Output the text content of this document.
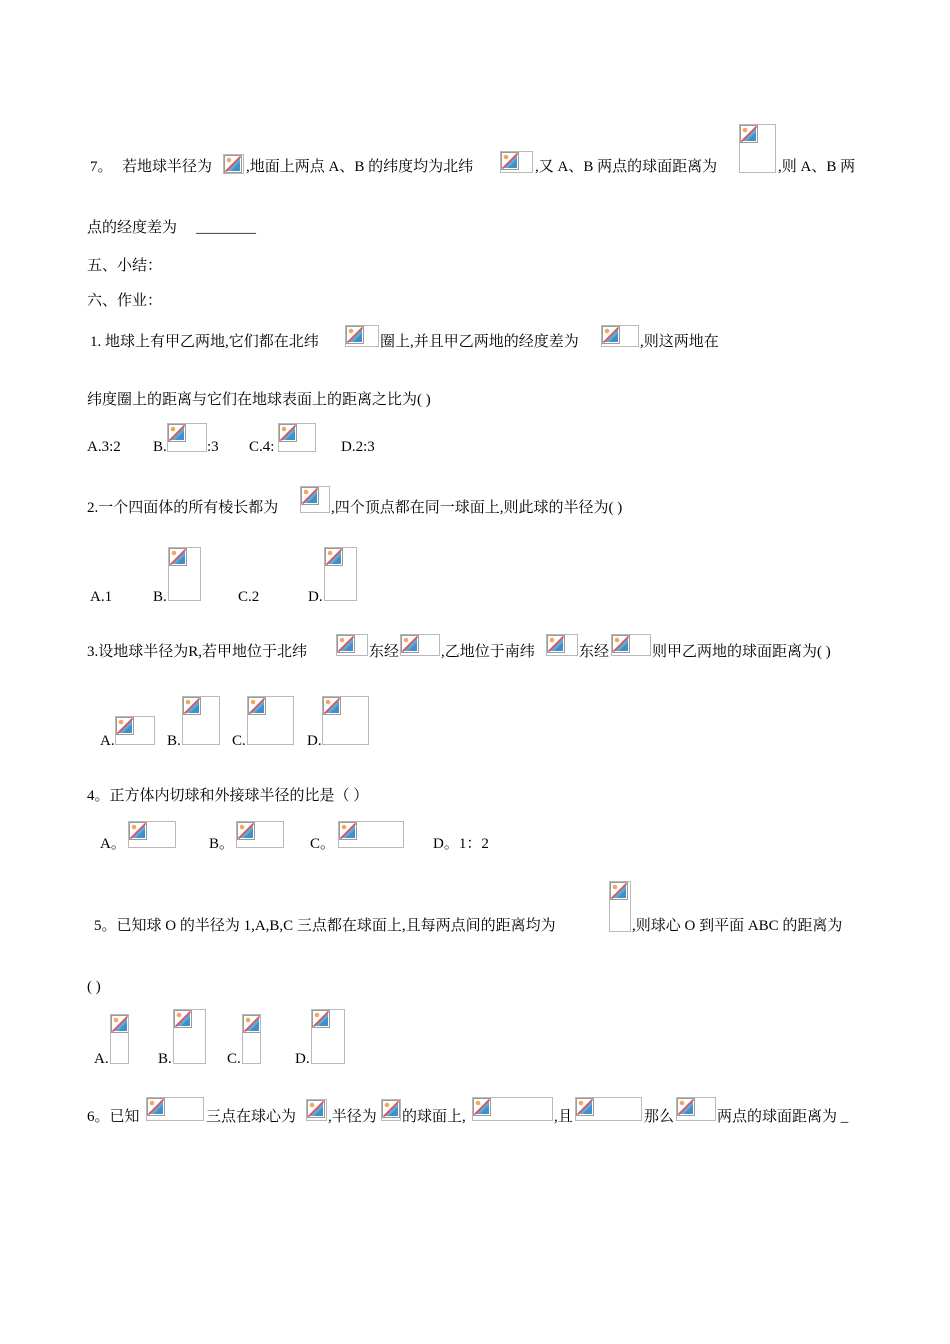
7。 若地球半径为 ,地面上两点 A、B 的纬度均为北纬	,又 A、B 两点的球面距离为	,则 A、B 两
点的经度差为 ________
五、小结：
六、作业：
1. 地球上有甲乙两地,它们都在北纬	圈上,并且甲乙两地的经度差为	,则这两地在
纬度圈上的距离与它们在地球表面上的距离之比为( )
A.3:2 B.	:3 C.4:	D.2:3
2.一个四面体的所有棱长都为	,四个顶点都在同一球面上,则此球的半径为( )
A.1	B.	C.2	D.
3.设地球半径为R,若甲地位于北纬	东经	,乙地位于南纬	东经	则甲乙两地的球面距离为( )
A.	B.	C.	D.
4。正方体内切球和外接球半径的比是（ ）
A。	B。	C。	D。1：2
5。已知球 O 的半径为 1,A,B,C 三点都在球面上,且每两点间的距离均为	,则球心 O 到平面 ABC 的距离为
( )
A.	B.	C.	D.
6。已知	三点在球心为 ,半径为 的球面上,	,且	那么	两点的球面距离为 _
